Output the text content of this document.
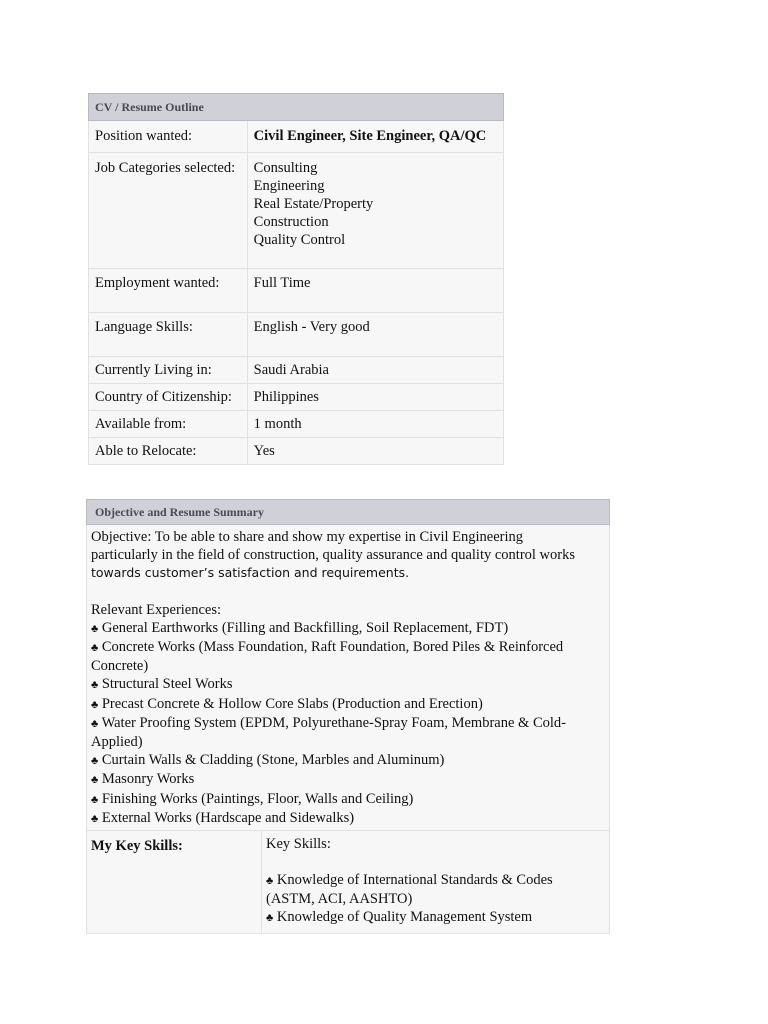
CV / Resume Outline	
Position wanted:	Civil Engineer, Site Engineer, QA/QC
Job Categories selected:	Consulting
Engineering
Real Estate/Property
Construction
Quality Control

Employment wanted:	Full Time
Language Skills:	English - Very good
Currently Living in:	Saudi Arabia
Country of Citizenship:	Philippines
Available from:	1 month
Able to Relocate:	Yes
Objective and Resume Summary

Objective: To be able to share and show my expertise in Civil Engineering
particularly in the field of construction, quality assurance and quality control works
towards customer’s satisfaction and requirements.
Relevant Experiences:
♣ General Earthworks (Filling and Backfilling, Soil Replacement, FDT)
♣ Concrete Works (Mass Foundation, Raft Foundation, Bored Piles & Reinforced
Concrete)
♣ Structural Steel Works
♣ Precast Concrete & Hollow Core Slabs (Production and Erection)
♣ Water Proofing System (EPDM, Polyurethane-Spray Foam, Membrane & Cold-
Applied)
♣ Curtain Walls & Cladding (Stone, Marbles and Aluminum)
♣ Masonry Works
♣ Finishing Works (Paintings, Floor, Walls and Ceiling)
♣ External Works (Hardscape and Sidewalks)

My Key Skills:	Key Skills:
♣ Knowledge of International Standards & Codes
(ASTM, ACI, AASHTO)
♣ Knowledge of Quality Management System
